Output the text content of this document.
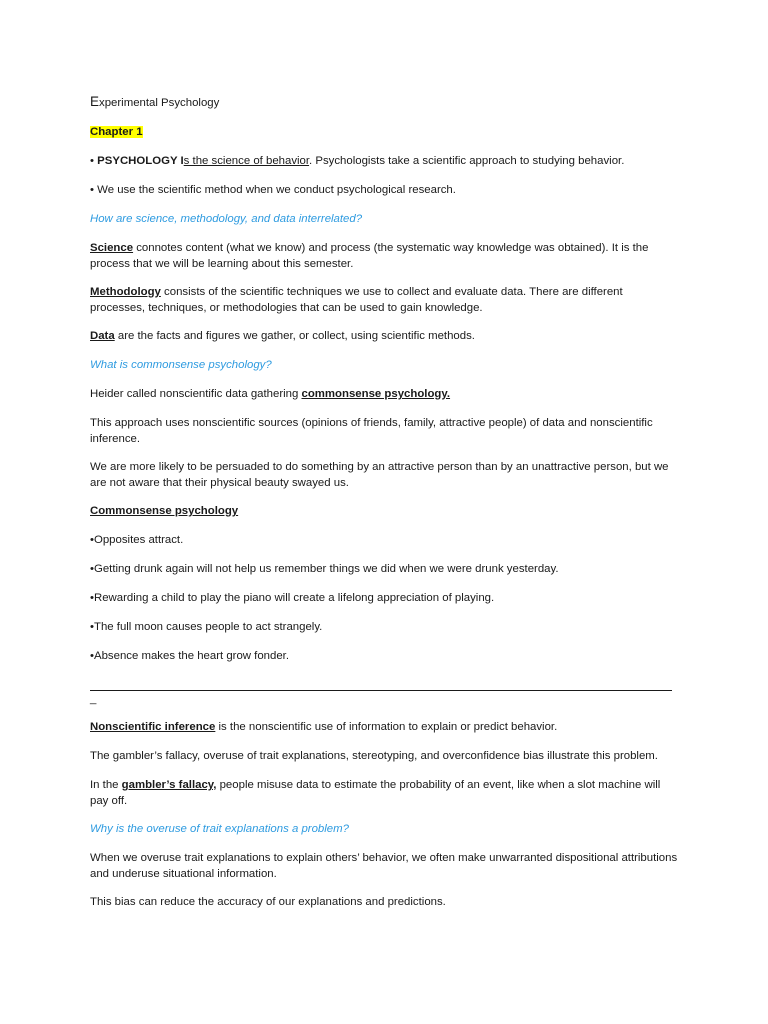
Experimental Psychology

Chapter 1

• PSYCHOLOGY Is the science of behavior. Psychologists take a scientific approach to studying behavior.

• We use the scientific method when we conduct psychological research.

How are science, methodology, and data interrelated?

Science connotes content (what we know) and process (the systematic way knowledge was obtained). It is the process that we will be learning about this semester.

Methodology consists of the scientific techniques we use to collect and evaluate data. There are different processes, techniques, or methodologies that can be used to gain knowledge.

Data are the facts and figures we gather, or collect, using scientific methods.

What is commonsense psychology?

Heider called nonscientific data gathering commonsense psychology.

This approach uses nonscientific sources (opinions of friends, family, attractive people) of data and nonscientific inference.

We are more likely to be persuaded to do something by an attractive person than by an unattractive person, but we are not aware that their physical beauty swayed us.

Commonsense psychology

•Opposites attract.

•Getting drunk again will not help us remember things we did when we were drunk yesterday.

•Rewarding a child to play the piano will create a lifelong appreciation of playing.

•The full moon causes people to act strangely.

•Absence makes the heart grow fonder.

_

Nonscientific inference is the nonscientific use of information to explain or predict behavior.

The gambler’s fallacy, overuse of trait explanations, stereotyping, and overconfidence bias illustrate this problem.

In the gambler’s fallacy, people misuse data to estimate the probability of an event, like when a slot machine will pay off.

Why is the overuse of trait explanations a problem?

When we overuse trait explanations to explain others’ behavior, we often make unwarranted dispositional attributions and underuse situational information.

This bias can reduce the accuracy of our explanations and predictions.
